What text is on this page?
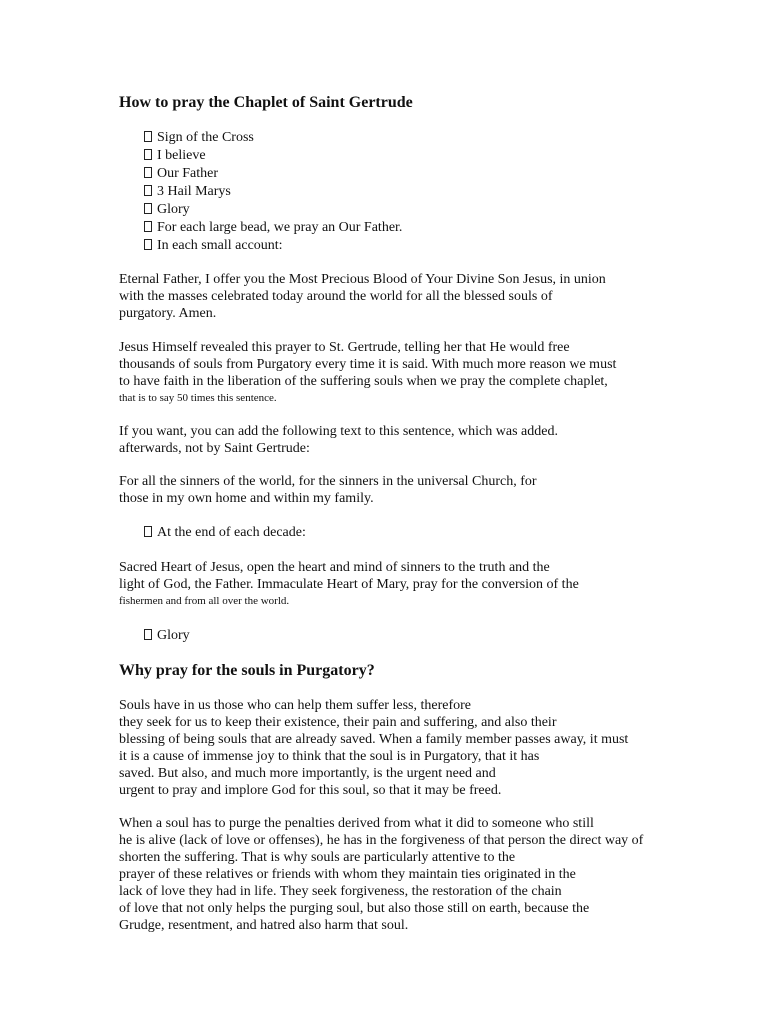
How to pray the Chaplet of Saint Gertrude
Sign of the Cross
I believe
Our Father
3 Hail Marys
Glory
For each large bead, we pray an Our Father.
In each small account:
Eternal Father, I offer you the Most Precious Blood of Your Divine Son Jesus, in union
with the masses celebrated today around the world for all the blessed souls of
purgatory. Amen.
Jesus Himself revealed this prayer to St. Gertrude, telling her that He would free
thousands of souls from Purgatory every time it is said. With much more reason we must
to have faith in the liberation of the suffering souls when we pray the complete chaplet,
that is to say 50 times this sentence.
If you want, you can add the following text to this sentence, which was added.
afterwards, not by Saint Gertrude:
For all the sinners of the world, for the sinners in the universal Church, for
those in my own home and within my family.
At the end of each decade:
Sacred Heart of Jesus, open the heart and mind of sinners to the truth and the
light of God, the Father. Immaculate Heart of Mary, pray for the conversion of the
fishermen and from all over the world.
Glory
Why pray for the souls in Purgatory?
Souls have in us those who can help them suffer less, therefore
they seek for us to keep their existence, their pain and suffering, and also their
blessing of being souls that are already saved. When a family member passes away, it must
it is a cause of immense joy to think that the soul is in Purgatory, that it has
saved. But also, and much more importantly, is the urgent need and
urgent to pray and implore God for this soul, so that it may be freed.
When a soul has to purge the penalties derived from what it did to someone who still
he is alive (lack of love or offenses), he has in the forgiveness of that person the direct way of
shorten the suffering. That is why souls are particularly attentive to the
prayer of these relatives or friends with whom they maintain ties originated in the
lack of love they had in life. They seek forgiveness, the restoration of the chain
of love that not only helps the purging soul, but also those still on earth, because the
Grudge, resentment, and hatred also harm that soul.
